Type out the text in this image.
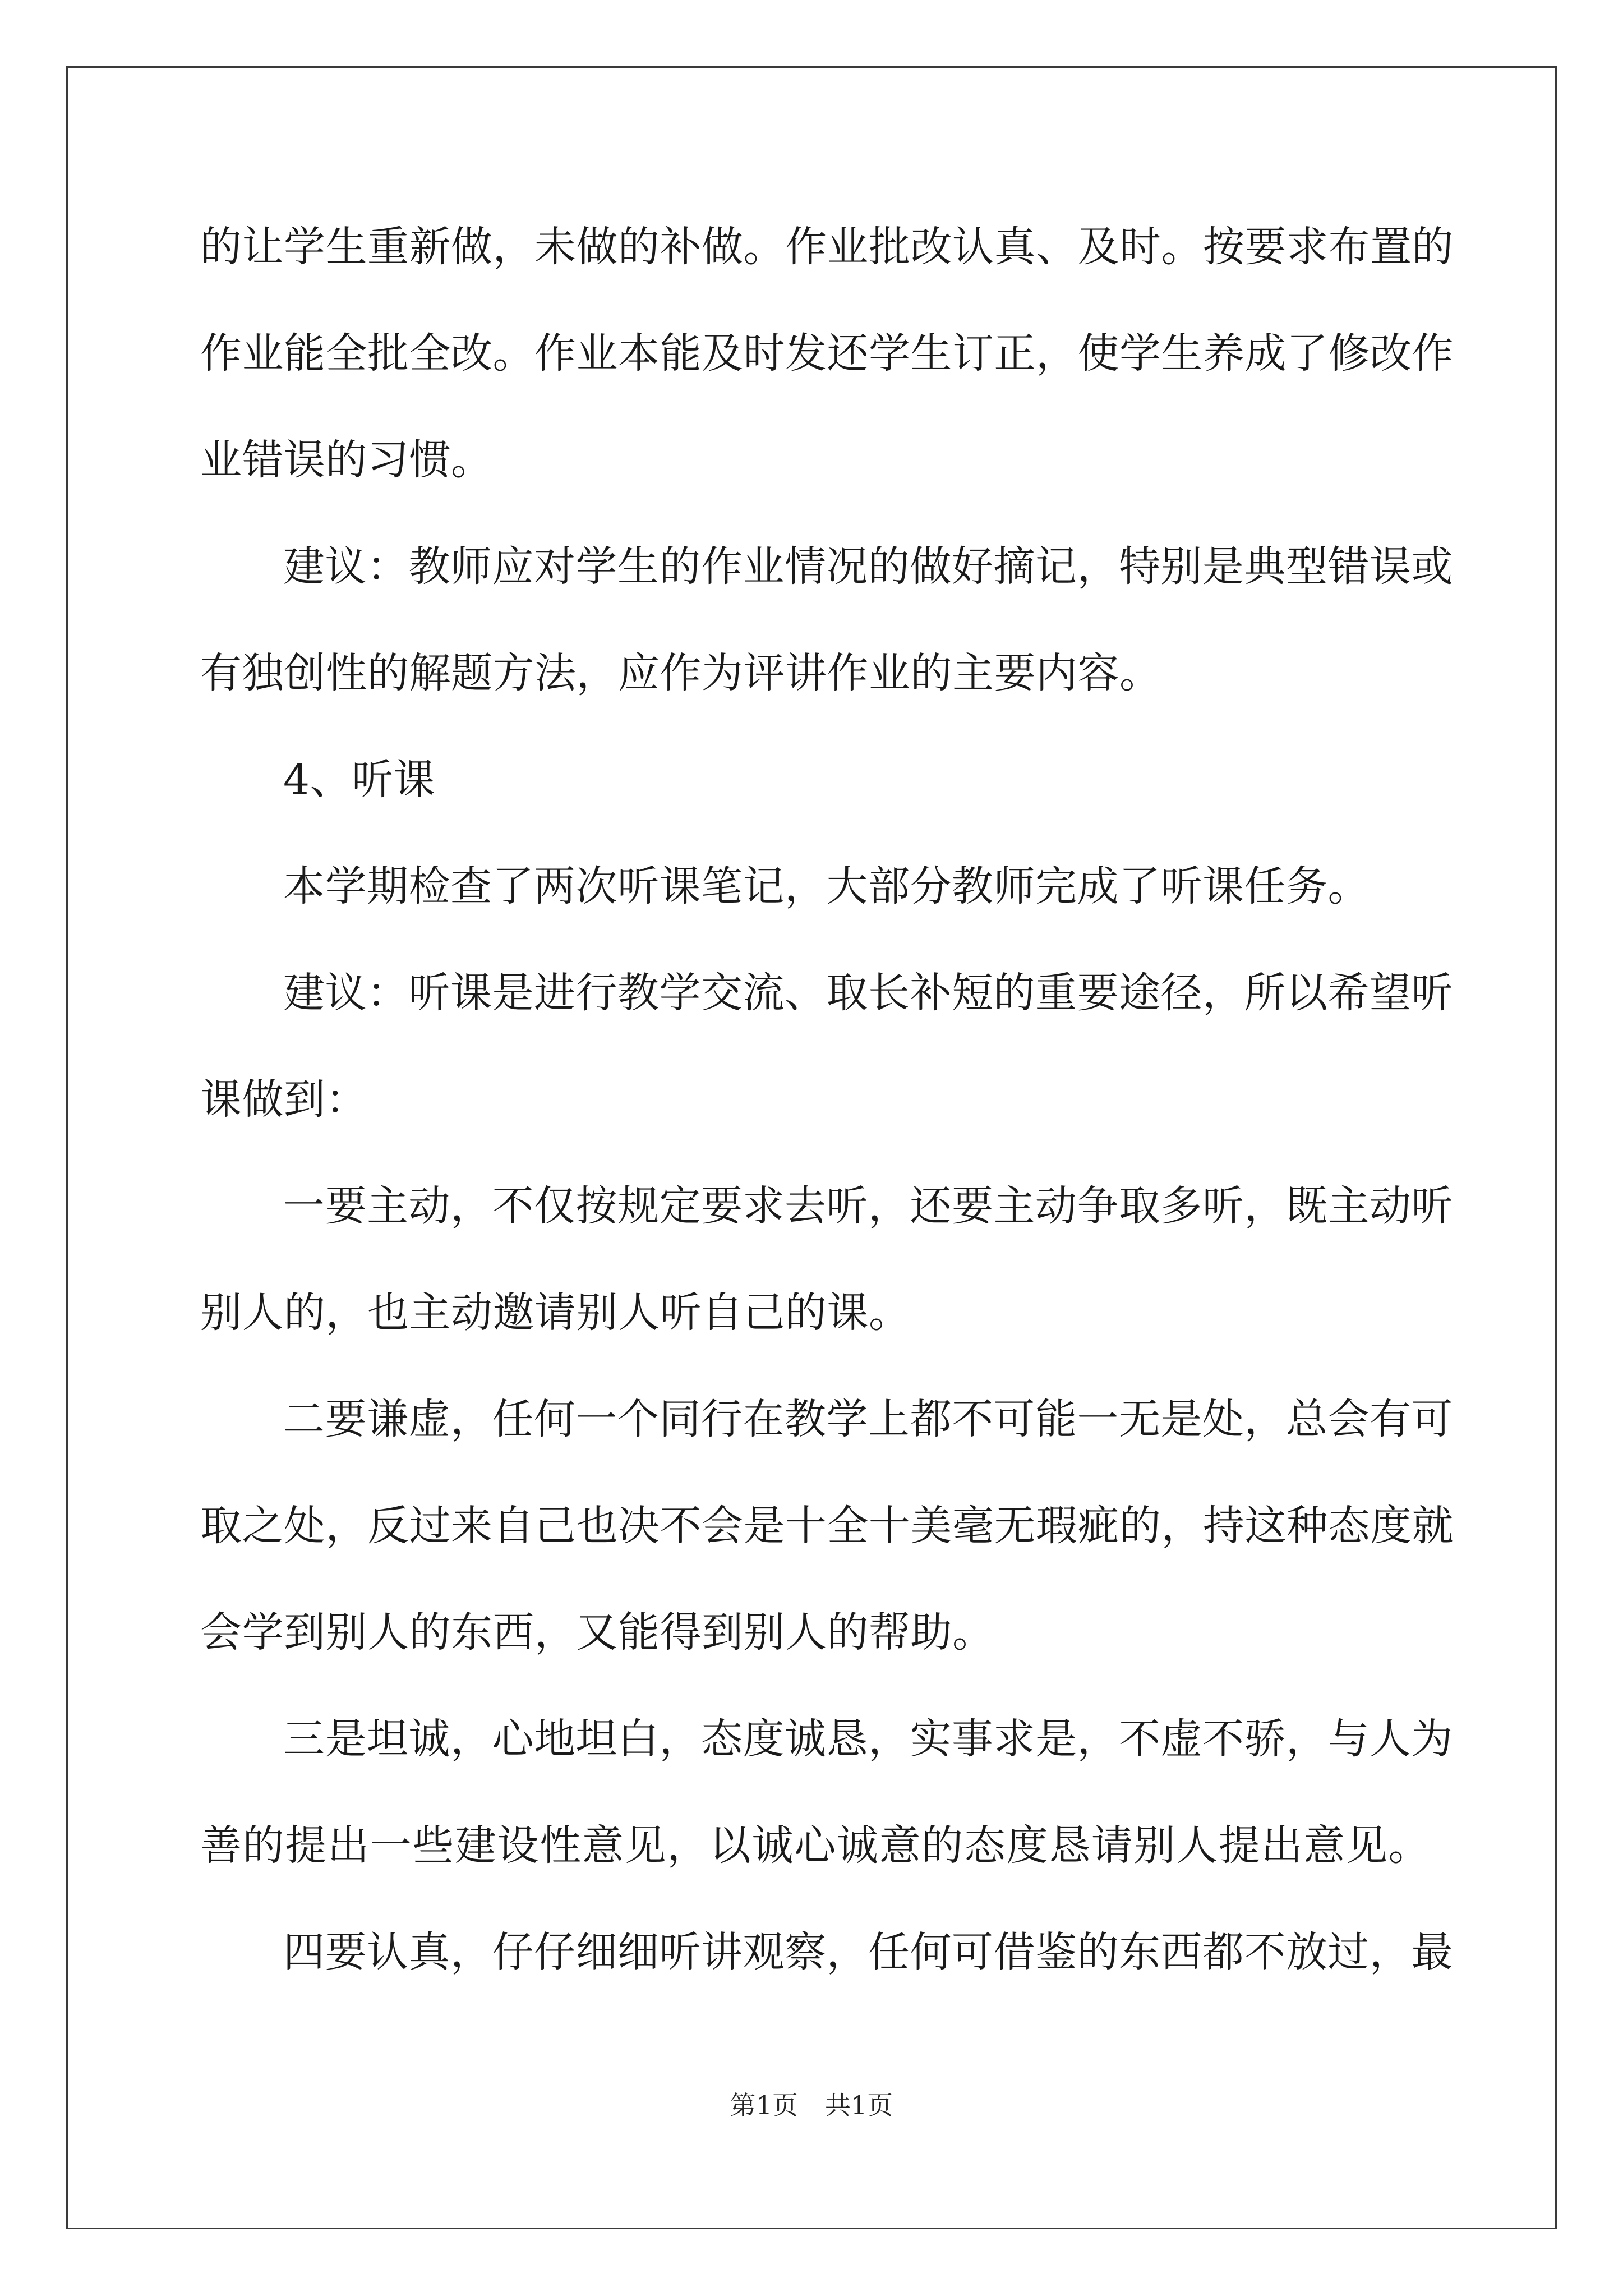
的让学生重新做，未做的补做。作业批改认真、及时。按要求布置的
作业能全批全改。作业本能及时发还学生订正，使学生养成了修改作
业错误的习惯。
建议：教师应对学生的作业情况的做好摘记，特别是典型错误或
有独创性的解题方法，应作为评讲作业的主要内容。
4、听课
本学期检查了两次听课笔记，大部分教师完成了听课任务。
建议：听课是进行教学交流、取长补短的重要途径，所以希望听
课做到：
一要主动，不仅按规定要求去听，还要主动争取多听，既主动听
别人的，也主动邀请别人听自己的课。
二要谦虚，任何一个同行在教学上都不可能一无是处，总会有可
取之处，反过来自己也决不会是十全十美毫无瑕疵的，持这种态度就
会学到别人的东西，又能得到别人的帮助。
三是坦诚，心地坦白，态度诚恳，实事求是，不虚不骄，与人为
善的提出一些建设性意见，以诚心诚意的态度恳请别人提出意见。
四要认真，仔仔细细听讲观察，任何可借鉴的东西都不放过，最
第1页 共1页
